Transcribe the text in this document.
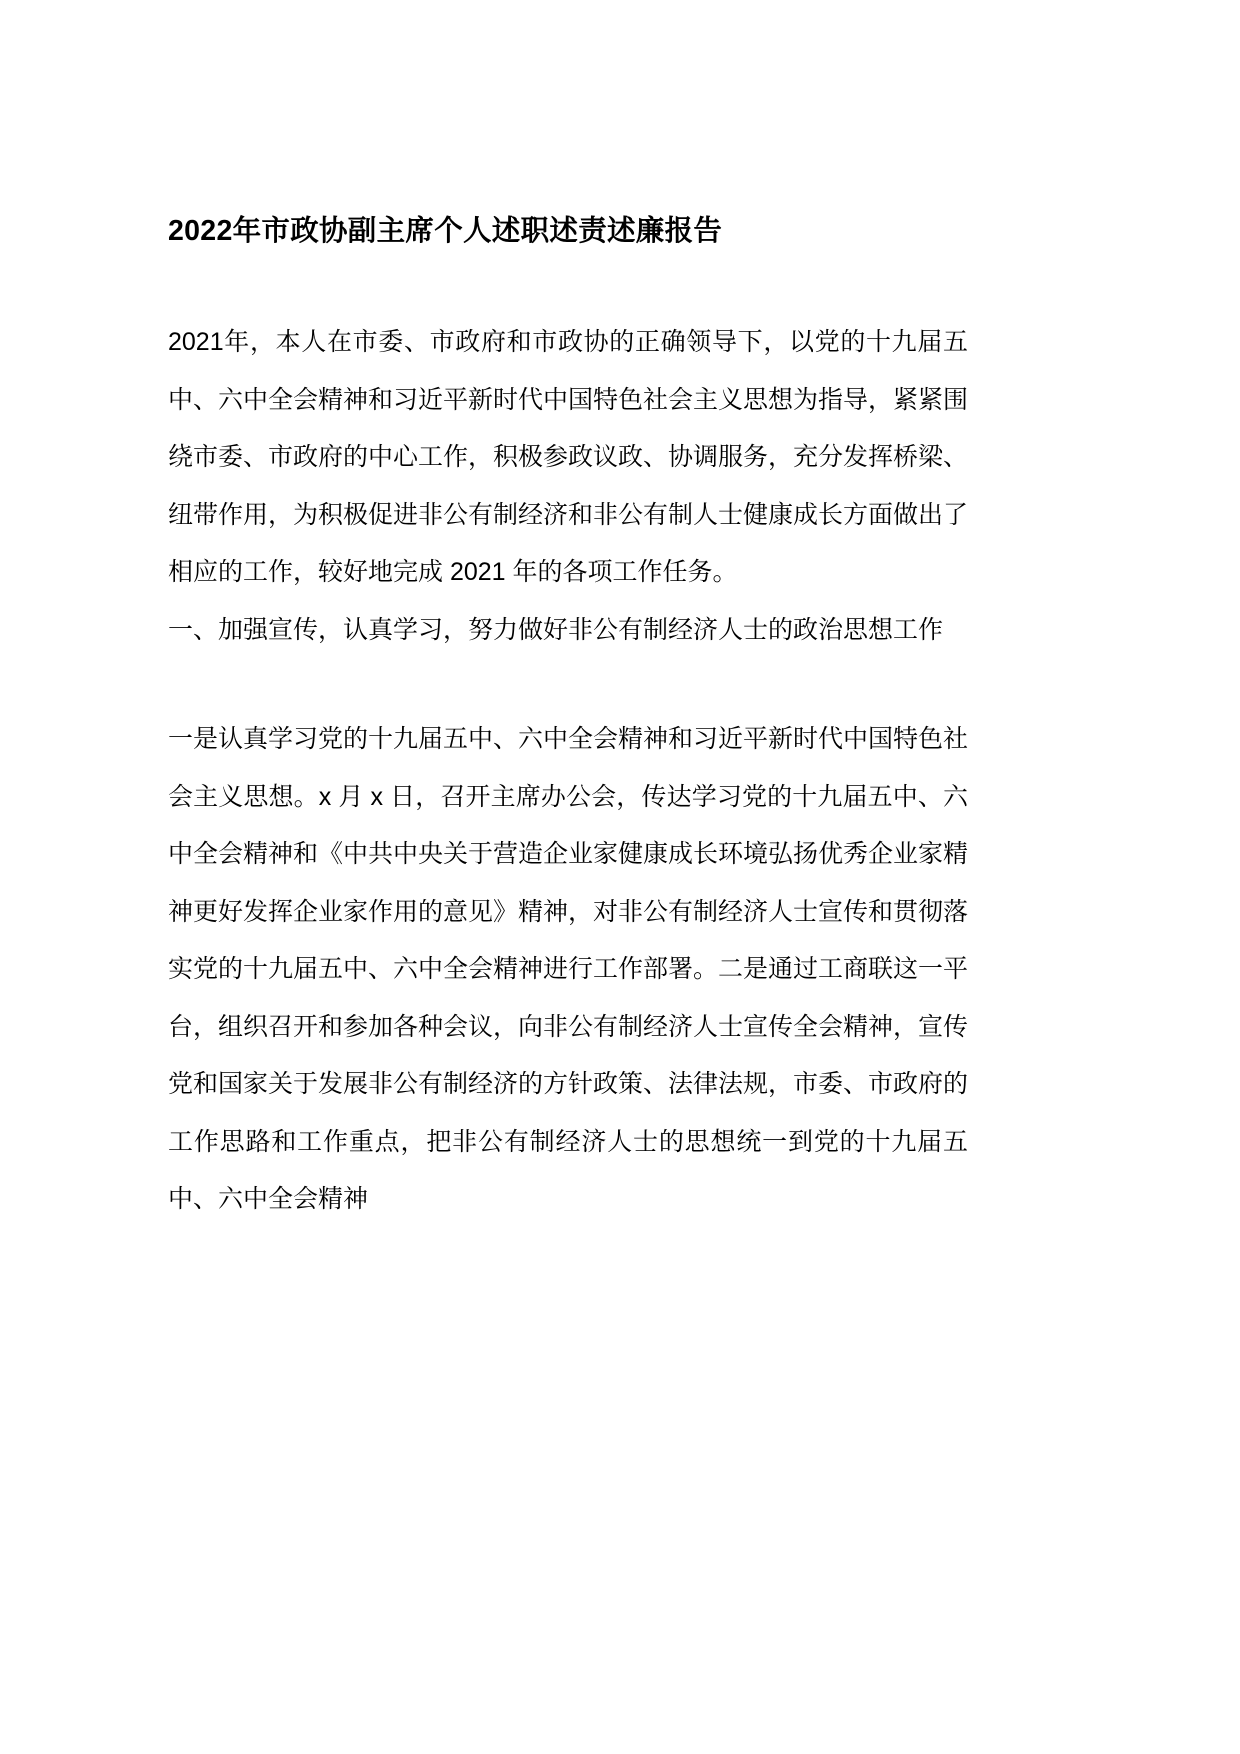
2022年市政协副主席个人述职述责述廉报告

2021年，本人在市委、市政府和市政协的正确领导下，以党的十九届五中、六中全会精神和习近平新时代中国特色社会主义思想为指导，紧紧围绕市委、市政府的中心工作，积极参政议政、协调服务，充分发挥桥梁、纽带作用，为积极促进非公有制经济和非公有制人士健康成长方面做出了相应的工作，较好地完成 2021 年的各项工作任务。

一、加强宣传，认真学习，努力做好非公有制经济人士的政治思想工作

一是认真学习党的十九届五中、六中全会精神和习近平新时代中国特色社会主义思想。x 月 x 日，召开主席办公会，传达学习党的十九届五中、六中全会精神和《中共中央关于营造企业家健康成长环境弘扬优秀企业家精神更好发挥企业家作用的意见》精神，对非公有制经济人士宣传和贯彻落实党的十九届五中、六中全会精神进行工作部署。二是通过工商联这一平台，组织召开和参加各种会议，向非公有制经济人士宣传全会精神，宣传党和国家关于发展非公有制经济的方针政策、法律法规，市委、市政府的工作思路和工作重点，把非公有制经济人士的思想统一到党的十九届五中、六中全会精神
